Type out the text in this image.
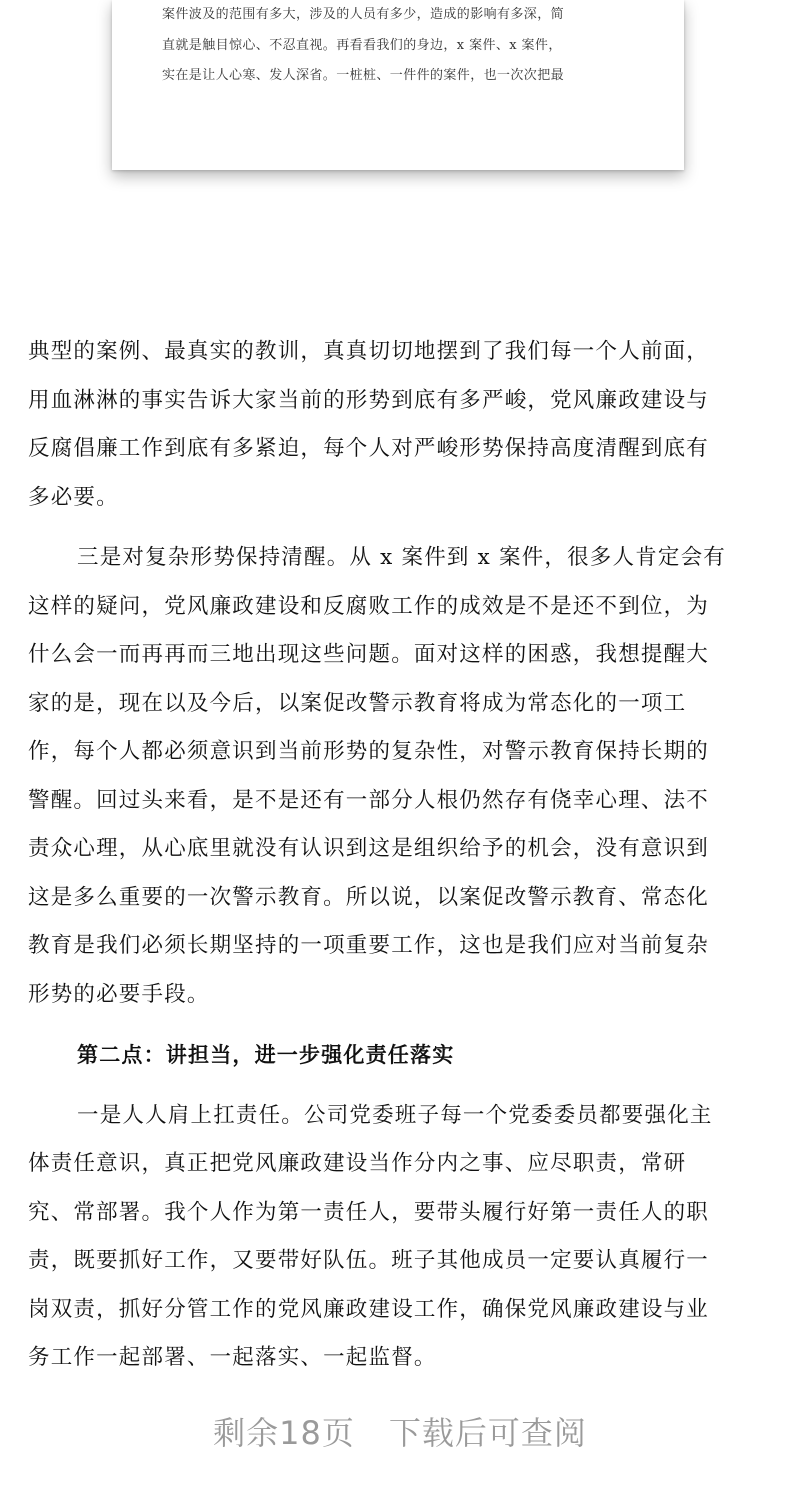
案件波及的范围有多大，涉及的人员有多少，造成的影响有多深，简
直就是触目惊心、不忍直视。再看看我们的身边，x 案件、x 案件，
实在是让人心寒、发人深省。一桩桩、一件件的案件，也一次次把最
典型的案例、最真实的教训，真真切切地摆到了我们每一个人前面，
用血淋淋的事实告诉大家当前的形势到底有多严峻，党风廉政建设与
反腐倡廉工作到底有多紧迫，每个人对严峻形势保持高度清醒到底有
多必要。
三是对复杂形势保持清醒。从 x 案件到 x 案件，很多人肯定会有
这样的疑问，党风廉政建设和反腐败工作的成效是不是还不到位，为
什么会一而再再而三地出现这些问题。面对这样的困惑，我想提醒大
家的是，现在以及今后，以案促改警示教育将成为常态化的一项工
作，每个人都必须意识到当前形势的复杂性，对警示教育保持长期的
警醒。回过头来看，是不是还有一部分人根仍然存有侥幸心理、法不
责众心理，从心底里就没有认识到这是组织给予的机会，没有意识到
这是多么重要的一次警示教育。所以说，以案促改警示教育、常态化
教育是我们必须长期坚持的一项重要工作，这也是我们应对当前复杂
形势的必要手段。
第二点：讲担当，进一步强化责任落实
一是人人肩上扛责任。公司党委班子每一个党委委员都要强化主
体责任意识，真正把党风廉政建设当作分内之事、应尽职责，常研
究、常部署。我个人作为第一责任人，要带头履行好第一责任人的职
责，既要抓好工作，又要带好队伍。班子其他成员一定要认真履行一
岗双责，抓好分管工作的党风廉政建设工作，确保党风廉政建设与业
务工作一起部署、一起落实、一起监督。
剩余18页 下载后可查阅
